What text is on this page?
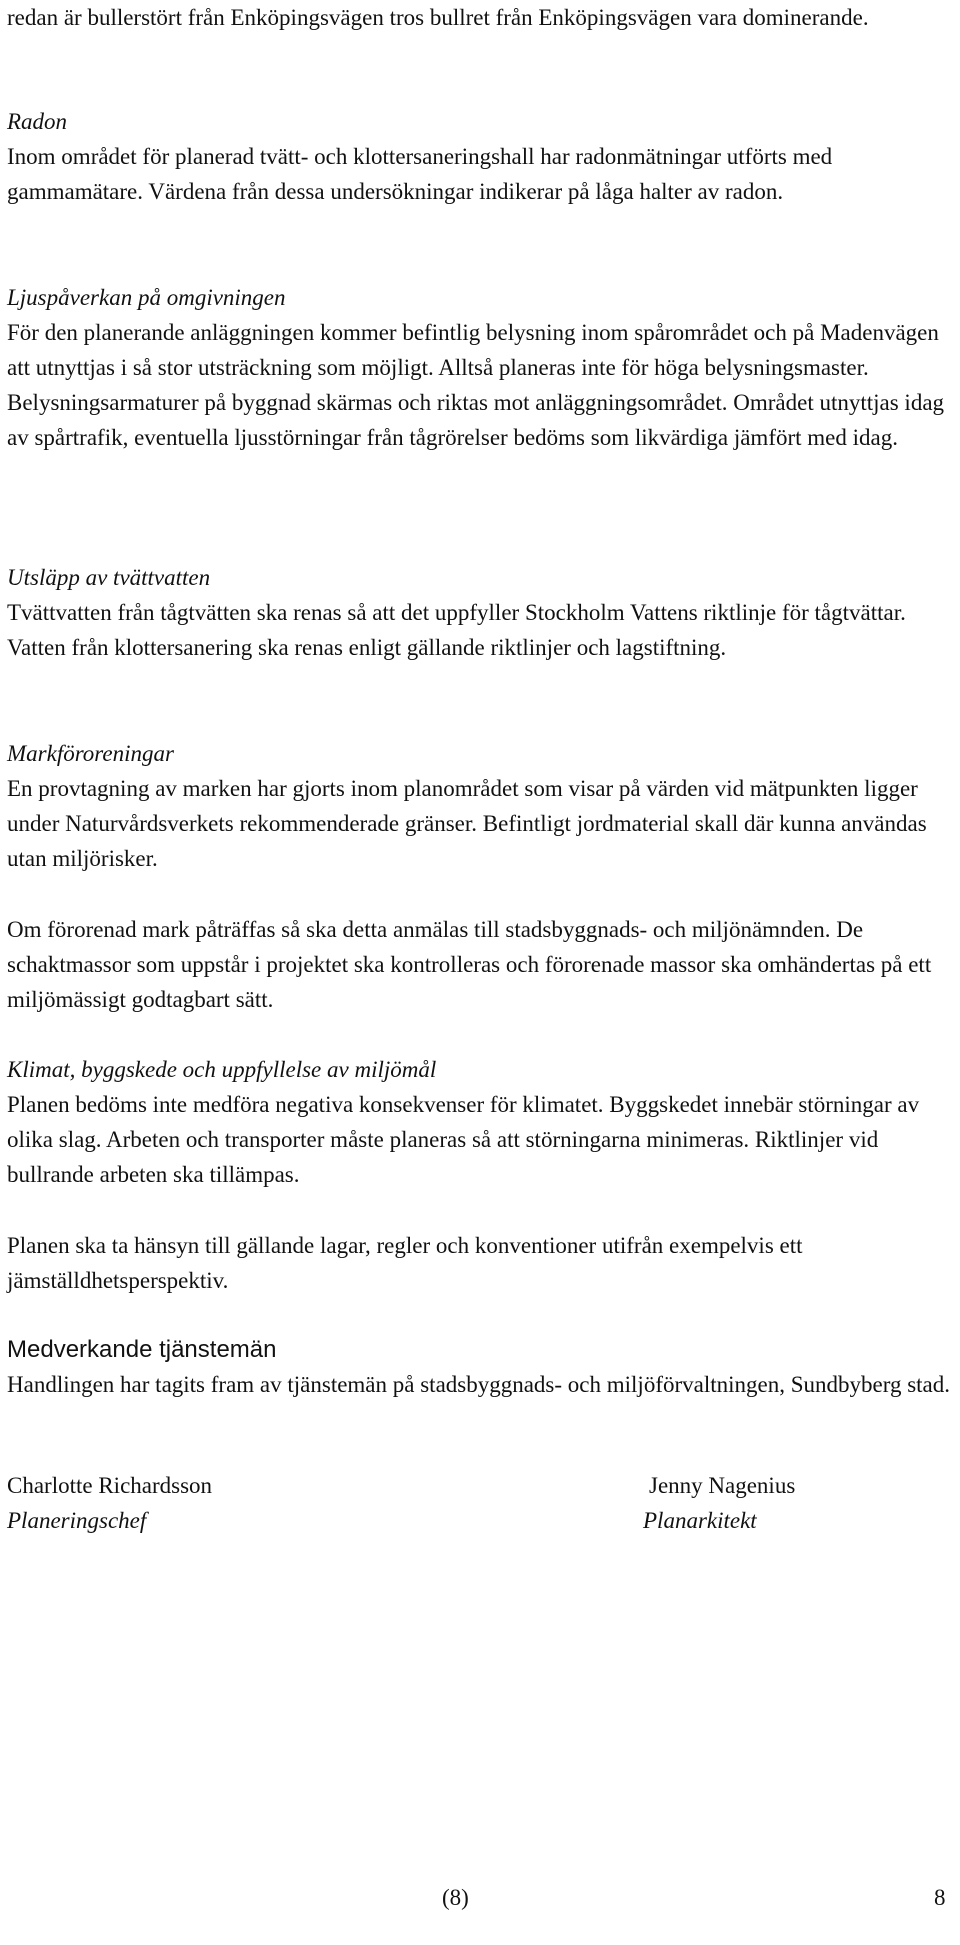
redan är bullerstört från Enköpingsvägen tros bullret från Enköpingsvägen vara dominerande.

Radon

Inom området för planerad tvätt- och klottersaneringshall har radonmätningar utförts med gammamätare. Värdena från dessa undersökningar indikerar på låga halter av radon.

Ljuspåverkan på omgivningen

För den planerande anläggningen kommer befintlig belysning inom spårområdet och på Madenvägen att utnyttjas i så stor utsträckning som möjligt. Alltså planeras inte för höga belysningsmaster. Belysningsarmaturer på byggnad skärmas och riktas mot anläggningsområdet. Området utnyttjas idag av spårtrafik, eventuella ljusstörningar från tågrörelser bedöms som likvärdiga jämfört med idag.

Utsläpp av tvättvatten

Tvättvatten från tågtvätten ska renas så att det uppfyller Stockholm Vattens riktlinje för tågtvättar. Vatten från klottersanering ska renas enligt gällande riktlinjer och lagstiftning.

Markföroreningar

En provtagning av marken har gjorts inom planområdet som visar på värden vid mätpunkten ligger under Naturvårdsverkets rekommenderade gränser. Befintligt jordmaterial skall där kunna användas utan miljörisker.

Om förorenad mark påträffas så ska detta anmälas till stadsbyggnads- och miljönämnden. De schaktmassor som uppstår i projektet ska kontrolleras och förorenade massor ska omhändertas på ett miljömässigt godtagbart sätt.

Klimat, byggskede och uppfyllelse av miljömål

Planen bedöms inte medföra negativa konsekvenser för klimatet. Byggskedet innebär störningar av olika slag. Arbeten och transporter måste planeras så att störningarna minimeras. Riktlinjer vid bullrande arbeten ska tillämpas.

Planen ska ta hänsyn till gällande lagar, regler och konventioner utifrån exempelvis ett jämställdhetsperspektiv.

Medverkande tjänstemän

Handlingen har tagits fram av tjänstemän på stadsbyggnads- och miljöförvaltningen, Sundbyberg stad.

Charlotte Richardsson
Planeringschef
Jenny Nagenius
Planarkitekt
(8)	8
